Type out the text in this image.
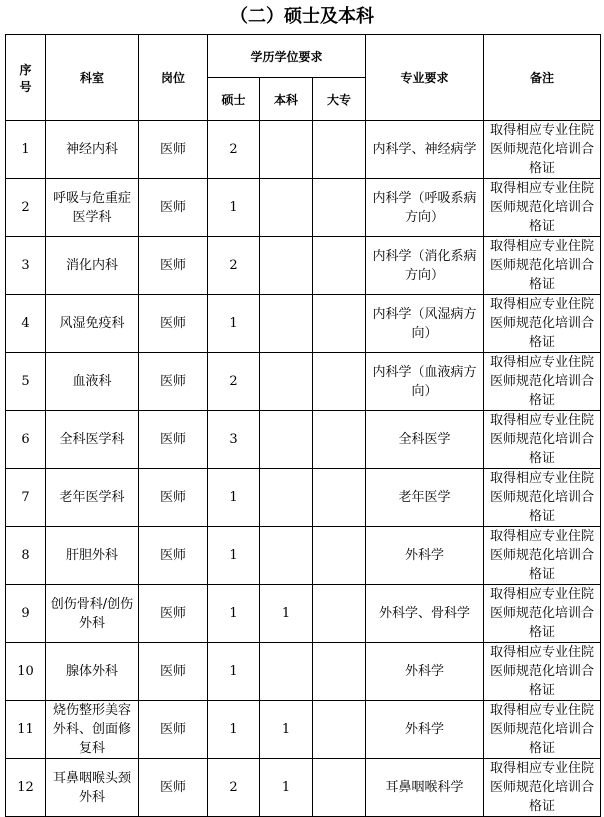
（二）硕士及本科
序号	科室	岗位	学历学位要求			专业要求	备注
			硕士	本科	大专		
1	神经内科	医师	2			内科学、神经病学	取得相应专业住院医师规范化培训合格证
2	呼吸与危重症医学科	医师	1			内科学（呼吸系病方向）	取得相应专业住院医师规范化培训合格证
3	消化内科	医师	2			内科学（消化系病方向）	取得相应专业住院医师规范化培训合格证
4	风湿免疫科	医师	1			内科学（风湿病方向）	取得相应专业住院医师规范化培训合格证
5	血液科	医师	2			内科学（血液病方向）	取得相应专业住院医师规范化培训合格证
6	全科医学科	医师	3			全科医学	取得相应专业住院医师规范化培训合格证
7	老年医学科	医师	1			老年医学	取得相应专业住院医师规范化培训合格证
8	肝胆外科	医师	1			外科学	取得相应专业住院医师规范化培训合格证
9	创伤骨科/创伤外科	医师	1	1		外科学、骨科学	取得相应专业住院医师规范化培训合格证
10	腺体外科	医师	1			外科学	取得相应专业住院医师规范化培训合格证
11	烧伤整形美容外科、创面修复科	医师	1	1		外科学	取得相应专业住院医师规范化培训合格证
12	耳鼻咽喉头颈外科	医师	2	1		耳鼻咽喉科学	取得相应专业住院医师规范化培训合格证
